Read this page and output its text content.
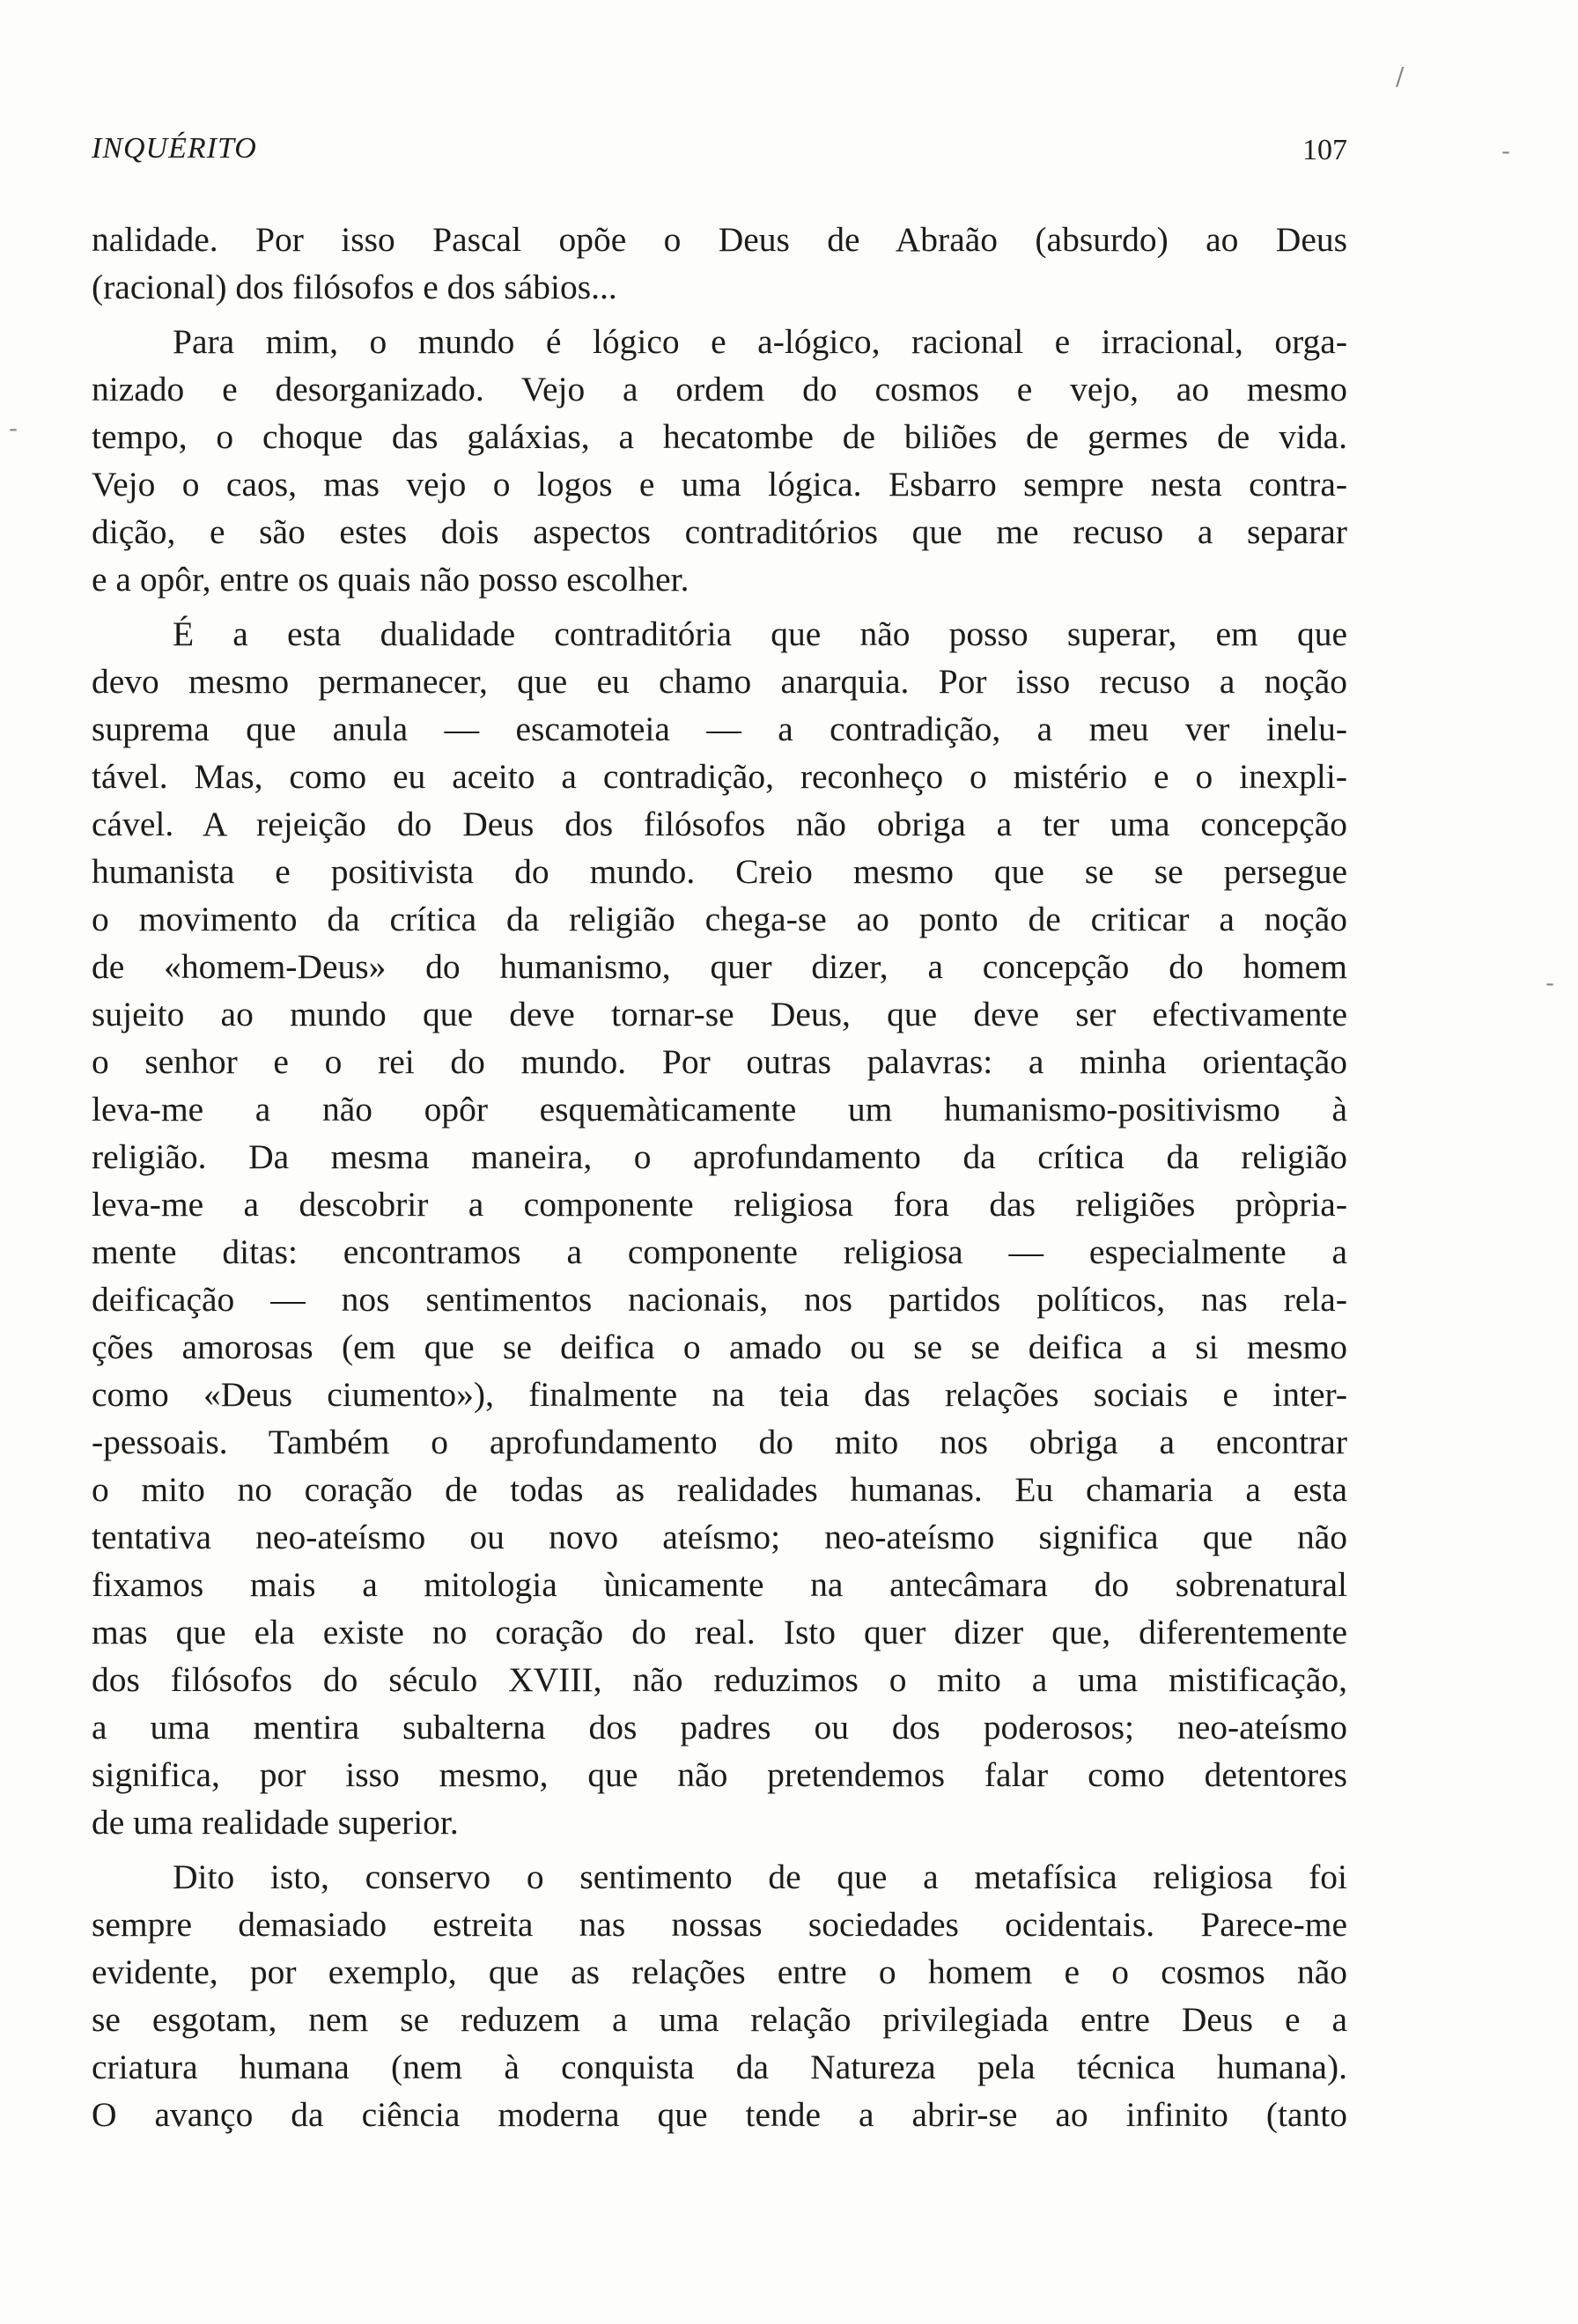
INQUÉRITO	107
/
-
‑
-
nalidade. Por isso Pascal opõe o Deus de Abraão (absurdo) ao Deus
(racional) dos filósofos e dos sábios...
Para mim, o mundo é lógico e a-lógico, racional e irracional, orga-
nizado e desorganizado. Vejo a ordem do cosmos e vejo, ao mesmo
tempo, o choque das galáxias, a hecatombe de biliões de germes de vida.
Vejo o caos, mas vejo o logos e uma lógica. Esbarro sempre nesta contra-
dição, e são estes dois aspectos contraditórios que me recuso a separar
e a opôr, entre os quais não posso escolher.
É a esta dualidade contraditória que não posso superar, em que
devo mesmo permanecer, que eu chamo anarquia. Por isso recuso a noção
suprema que anula — escamoteia — a contradição, a meu ver inelu-
tável. Mas, como eu aceito a contradição, reconheço o mistério e o inexpli-
cável. A rejeição do Deus dos filósofos não obriga a ter uma concepção
humanista e positivista do mundo. Creio mesmo que se se persegue
o movimento da crítica da religião chega-se ao ponto de criticar a noção
de «homem-Deus» do humanismo, quer dizer, a concepção do homem
sujeito ao mundo que deve tornar-se Deus, que deve ser efectivamente
o senhor e o rei do mundo. Por outras palavras: a minha orientação
leva-me a não opôr esquemàticamente um humanismo-positivismo à
religião. Da mesma maneira, o aprofundamento da crítica da religião
leva-me a descobrir a componente religiosa fora das religiões pròpria-
mente ditas: encontramos a componente religiosa — especialmente a
deificação — nos sentimentos nacionais, nos partidos políticos, nas rela-
ções amorosas (em que se deifica o amado ou se se deifica a si mesmo
como «Deus ciumento»), finalmente na teia das relações sociais e inter-
-pessoais. Também o aprofundamento do mito nos obriga a encontrar
o mito no coração de todas as realidades humanas. Eu chamaria a esta
tentativa neo-ateísmo ou novo ateísmo; neo-ateísmo significa que não
fixamos mais a mitologia ùnicamente na antecâmara do sobrenatural
mas que ela existe no coração do real. Isto quer dizer que, diferentemente
dos filósofos do século XVIII, não reduzimos o mito a uma mistificação,
a uma mentira subalterna dos padres ou dos poderosos; neo-ateísmo
significa, por isso mesmo, que não pretendemos falar como detentores
de uma realidade superior.
Dito isto, conservo o sentimento de que a metafísica religiosa foi
sempre demasiado estreita nas nossas sociedades ocidentais. Parece-me
evidente, por exemplo, que as relações entre o homem e o cosmos não
se esgotam, nem se reduzem a uma relação privilegiada entre Deus e a
criatura humana (nem à conquista da Natureza pela técnica humana).
O avanço da ciência moderna que tende a abrir-se ao infinito (tanto
